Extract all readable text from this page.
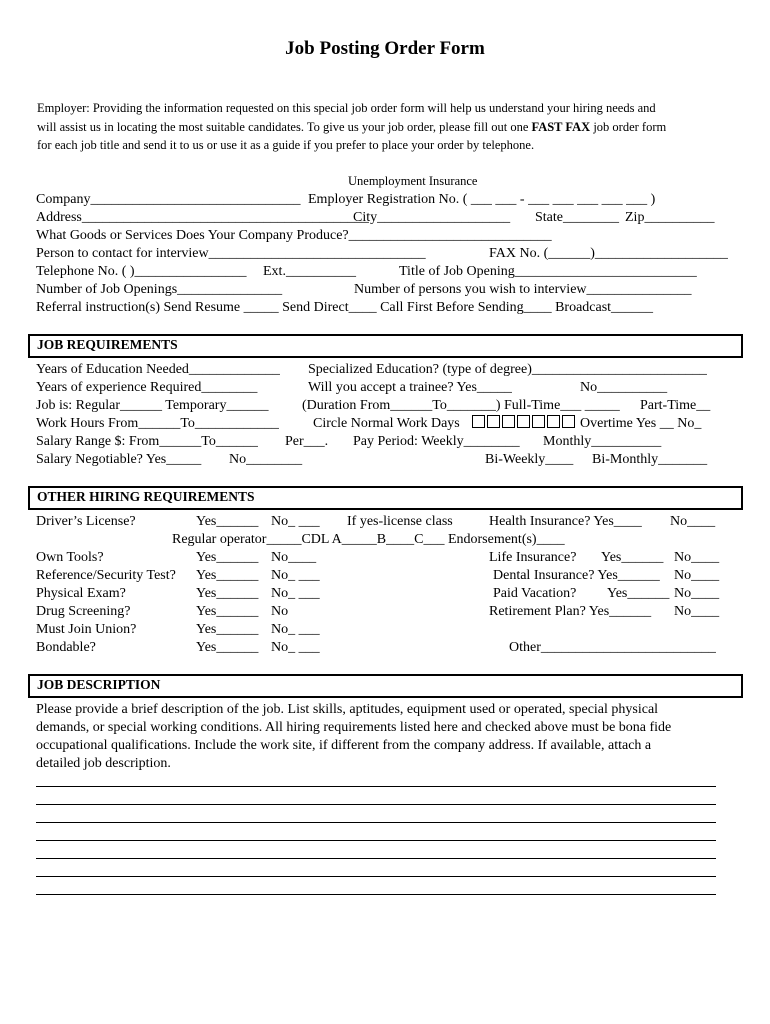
Job Posting Order Form
Employer: Providing the information requested on this special job order form will help us understand your hiring needs and
will assist us in locating the most suitable candidates. To give us your job order, please fill out one FAST FAX job order form
for each job title and send it to us or use it as a guide if you prefer to place your order by telephone.
Unemployment Insurance
Company______________________________ Employer Registration No. ( ___ ___ - ___ ___ ___ ___ ___ )
Address_________________________________________
City___________________ State________ Zip__________
What Goods or Services Does Your Company Produce?_____________________________
Person to contact for interview_______________________________	FAX No. (______)___________________
Telephone No. ( )________________ Ext.__________	Title of Job Opening__________________________
Number of Job Openings_______________	Number of persons you wish to interview_______________
Referral instruction(s) Send Resume _____ Send Direct____ Call First Before Sending____ Broadcast______
JOB REQUIREMENTS
Years of Education Needed_____________ Specialized Education? (type of degree)_________________________
Years of experience Required________	Will you accept a trainee? Yes_____	No__________
Job is: Regular______ Temporary______ (Duration From______To_______) Full-Time___ _____ Part-Time__
Work Hours From______To____________ Circle Normal Work Days	Overtime Yes __ No_
Salary Range $: From______To______ Per___. Pay Period: Weekly________ Monthly__________
Salary Negotiable? Yes_____ No________	Bi-Weekly____ Bi-Monthly_______
OTHER HIRING REQUIREMENTS
Driver’s License?	Yes______ No_ ___ If yes-license class	Health Insurance? Yes____ No____
Regular operator_____CDL A_____B____C___ Endorsement(s)____
Own Tools?	Yes______ No____	Life Insurance? Yes______ No____
Reference/Security Test? Yes______ No_ ___	Dental Insurance? Yes______ No____
Physical Exam?	Yes______ No_ ___	Paid Vacation? Yes______ No____
Drug Screening?	Yes______ No	Retirement Plan? Yes______ No____
Must Join Union?	Yes______ No_ ___
Bondable?	Yes______ No_ ___	Other_________________________
JOB DESCRIPTION
Please provide a brief description of the job. List skills, aptitudes, equipment used or operated, special physical
demands, or special working conditions. All hiring requirements listed here and checked above must be bona fide
occupational qualifications. Include the work site, if different from the company address. If available, attach a
detailed job description.
